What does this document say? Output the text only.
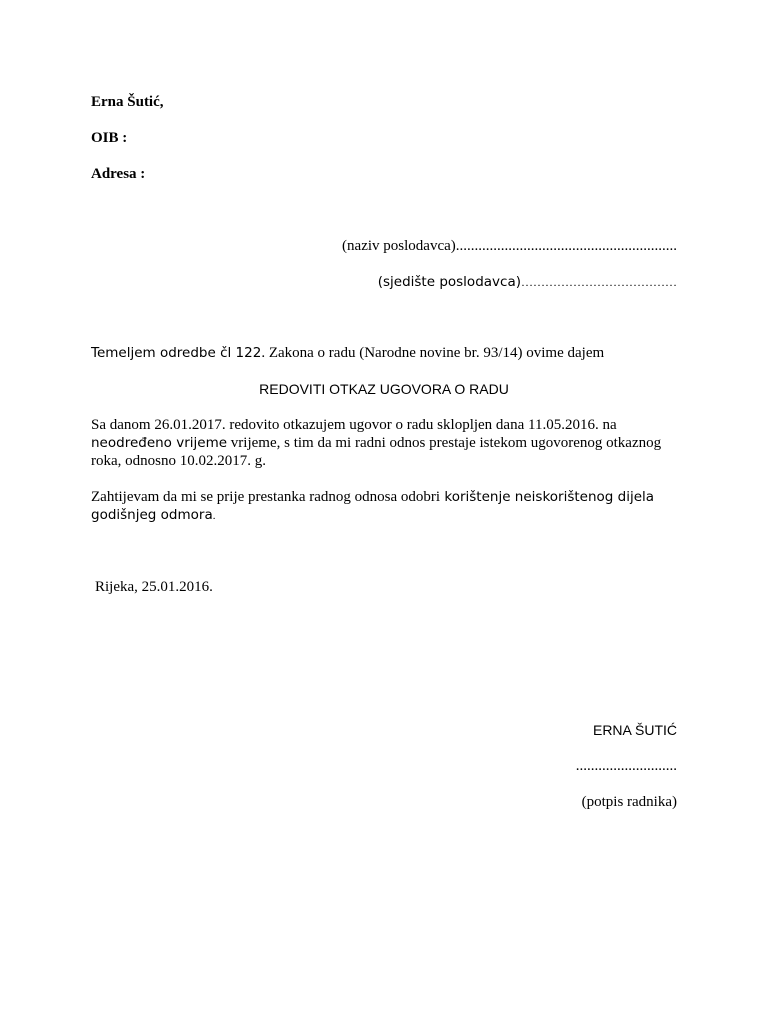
Erna Šutić,
OIB :
Adresa :
(naziv poslodavca)...........................................................
(sjedište poslodavca)…………………………………
Temeljem odredbe čl 122. Zakona o radu (Narodne novine br. 93/14) ovime dajem
REDOVITI OTKAZ UGOVORA O RADU
Sa danom 26.01.2017. redovito otkazujem ugovor o radu sklopljen dana 11.05.2016. na
neodređeno vrijeme vrijeme, s tim da mi radni odnos prestaje istekom ugovorenog otkaznog
roka, odnosno 10.02.2017. g.
Zahtijevam da mi se prije prestanka radnog odnosa odobri korištenje neiskorištenog dijela
godišnjeg odmora.
Rijeka, 25.01.2016.
ERNA ŠUTIĆ
...........................
(potpis radnika)
